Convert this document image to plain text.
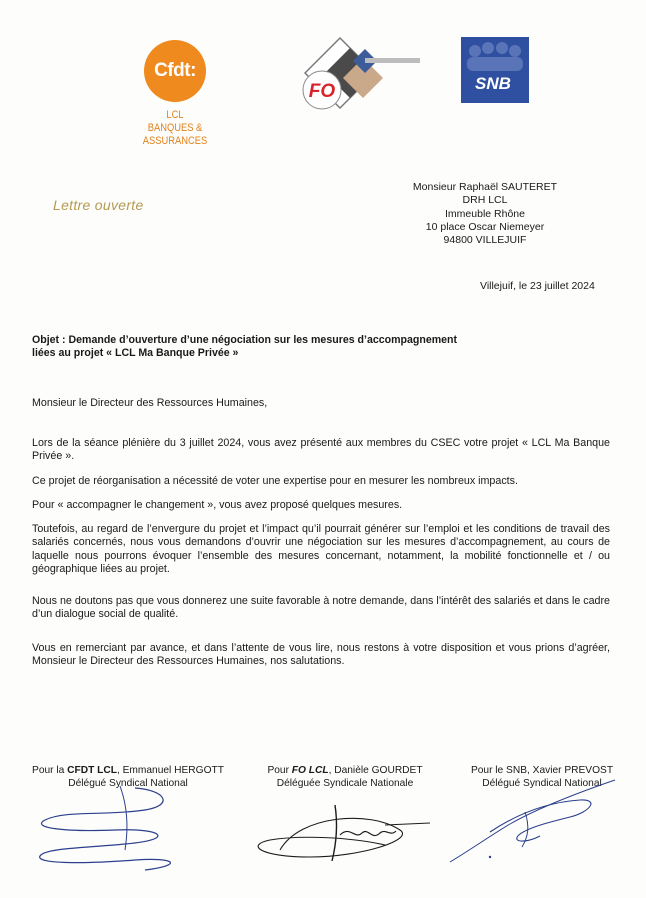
Cfdt:
LCL
BANQUES & ASSURANCES
FO	SNB
Lettre ouverte
Monsieur Raphaël SAUTERET
DRH LCL
Immeuble Rhône
10 place Oscar Niemeyer
94800 VILLEJUIF
Villejuif, le 23 juillet 2024
Objet : Demande d’ouverture d’une négociation sur les mesures d’accompagnement
liées au projet « LCL Ma Banque Privée »
Monsieur le Directeur des Ressources Humaines,
Lors de la séance plénière du 3 juillet 2024, vous avez présenté aux membres du CSEC votre projet « LCL Ma Banque Privée ».
Ce projet de réorganisation a nécessité de voter une expertise pour en mesurer les nombreux impacts.
Pour « accompagner le changement », vous avez proposé quelques mesures.
Toutefois, au regard de l’envergure du projet et l’impact qu’il pourrait générer sur l’emploi et les conditions de travail des salariés concernés, nous vous demandons d’ouvrir une négociation sur les mesures d’accompagnement, au cours de laquelle nous pourrons évoquer l’ensemble des mesures concernant, notamment, la mobilité fonctionnelle et / ou géographique liées au projet.
Nous ne doutons pas que vous donnerez une suite favorable à notre demande, dans l’intérêt des salariés et dans le cadre d’un dialogue social de qualité.
Vous en remerciant par avance, et dans l’attente de vous lire, nous restons à votre disposition et vous prions d’agréer, Monsieur le Directeur des Ressources Humaines, nos salutations.
Pour la CFDT LCL, Emmanuel HERGOTT
Délégué Syndical National
Pour FO LCL, Danièle GOURDET
Déléguée Syndicale Nationale
Pour le SNB, Xavier PREVOST
Délégué Syndical National
